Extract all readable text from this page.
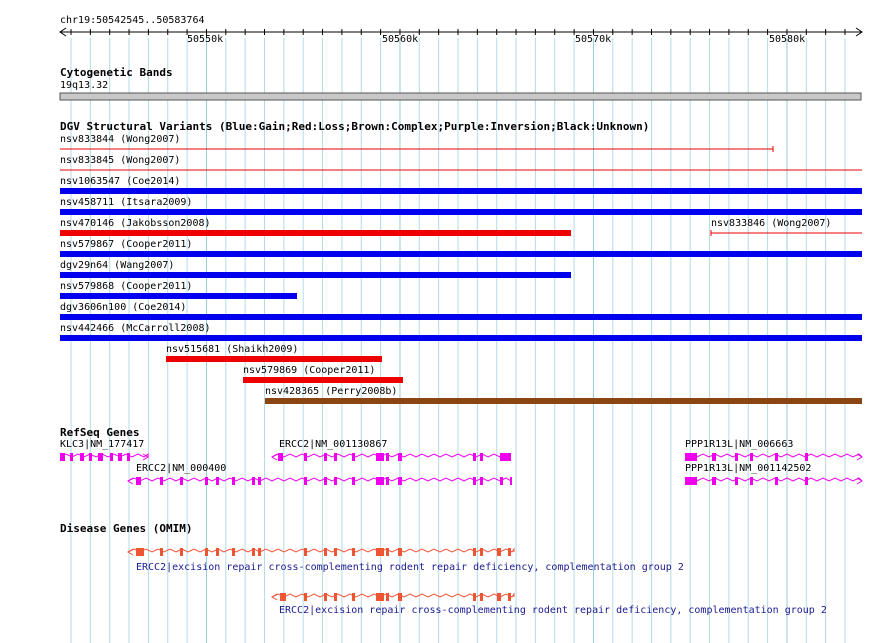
chr19:50542545..50583764
50550k	50560k	50570k	50580k
Cytogenetic Bands
19q13.32
DGV Structural Variants (Blue:Gain;Red:Loss;Brown:Complex;Purple:Inversion;Black:Unknown)
nsv833844 (Wong2007)
nsv833845 (Wong2007)
nsv1063547 (Coe2014)
nsv458711 (Itsara2009)
nsv470146 (Jakobsson2008)	nsv833846 (Wong2007)
nsv579867 (Cooper2011)
dgv29n64 (Wang2007)
nsv579868 (Cooper2011)
dgv3606n100 (Coe2014)
nsv442466 (McCarroll2008)
nsv515681 (Shaikh2009)
nsv579869 (Cooper2011)
nsv428365 (Perry2008b)
RefSeq Genes
KLC3|NM_177417	ERCC2|NM_001130867	PPP1R13L|NM_006663
ERCC2|NM_000400	PPP1R13L|NM_001142502
Disease Genes (OMIM)
ERCC2|excision repair cross-complementing rodent repair deficiency, complementation group 2
ERCC2|excision repair cross-complementing rodent repair deficiency, complementation group 2
